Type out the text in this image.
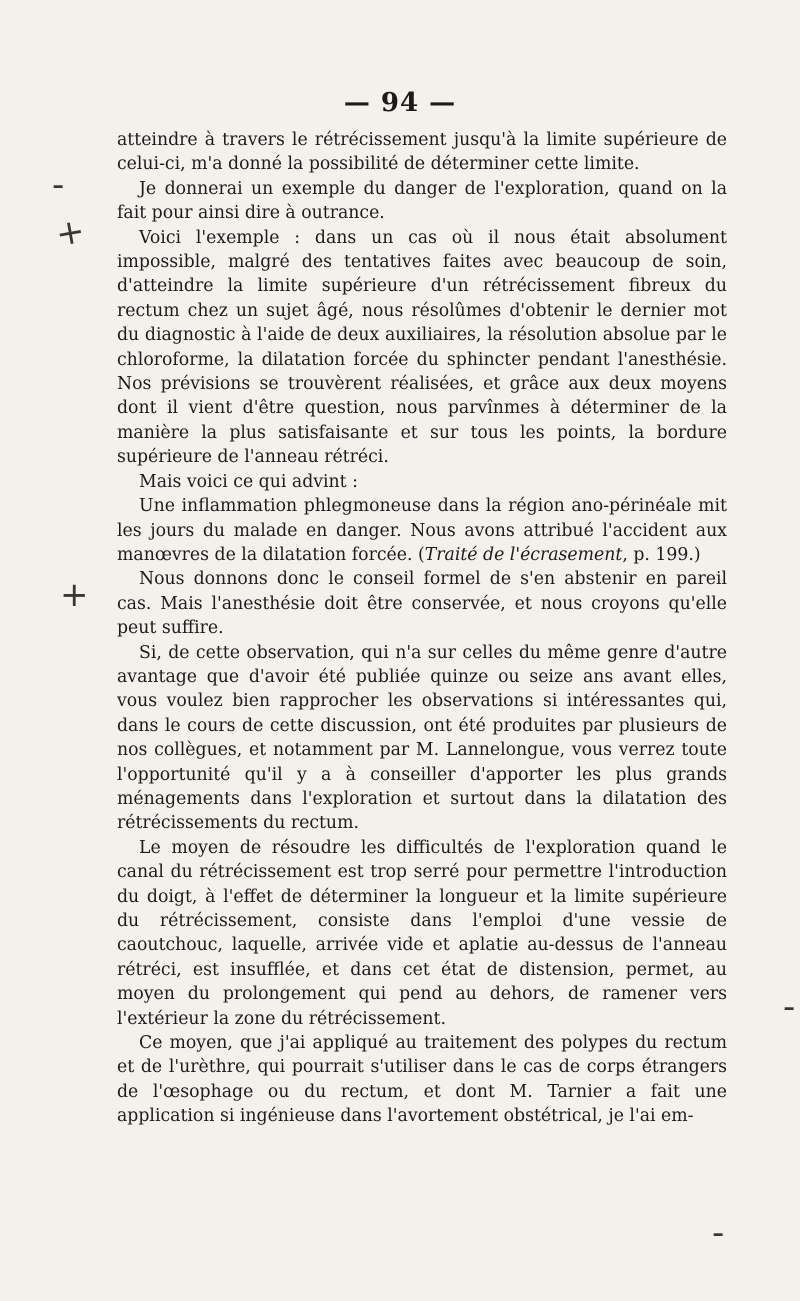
— 94 —

atteindre à travers le rétrécissement jusqu'à la limite supérieure de celui-ci, m'a donné la possibilité de déterminer cette limite.

Je donnerai un exemple du danger de l'exploration, quand on la fait pour ainsi dire à outrance.

Voici l'exemple : dans un cas où il nous était absolument impossible, malgré des tentatives faites avec beaucoup de soin, d'atteindre la limite supérieure d'un rétrécissement fibreux du rectum chez un sujet âgé, nous résolûmes d'obtenir le dernier mot du diagnostic à l'aide de deux auxiliaires, la résolution absolue par le chloroforme, la dilatation forcée du sphincter pendant l'anesthésie. Nos prévisions se trouvèrent réalisées, et grâce aux deux moyens dont il vient d'être question, nous parvînmes à déterminer de la manière la plus satisfaisante et sur tous les points, la bordure supérieure de l'anneau rétréci.

Mais voici ce qui advint :

Une inflammation phlegmoneuse dans la région ano-périnéale mit les jours du malade en danger. Nous avons attribué l'accident aux manœvres de la dilatation forcée. (Traité de l'écrasement, p. 199.)

Nous donnons donc le conseil formel de s'en abstenir en pareil cas. Mais l'anesthésie doit être conservée, et nous croyons qu'elle peut suffire.

Si, de cette observation, qui n'a sur celles du même genre d'autre avantage que d'avoir été publiée quinze ou seize ans avant elles, vous voulez bien rapprocher les observations si intéressantes qui, dans le cours de cette discussion, ont été produites par plusieurs de nos collègues, et notamment par M. Lannelongue, vous verrez toute l'opportunité qu'il y a à conseiller d'apporter les plus grands ménagements dans l'exploration et surtout dans la dilatation des rétrécissements du rectum.

Le moyen de résoudre les difficultés de l'exploration quand le canal du rétrécissement est trop serré pour permettre l'introduction du doigt, à l'effet de déterminer la longueur et la limite supérieure du rétrécissement, consiste dans l'emploi d'une vessie de caoutchouc, laquelle, arrivée vide et aplatie au-dessus de l'anneau rétréci, est insufflée, et dans cet état de distension, permet, au moyen du prolongement qui pend au dehors, de ramener vers l'extérieur la zone du rétrécissement.

Ce moyen, que j'ai appliqué au traitement des polypes du rectum et de l'urèthre, qui pourrait s'utiliser dans le cas de corps étrangers de l'œsophage ou du rectum, et dont M. Tarnier a fait une application si ingénieuse dans l'avortement obstétrical, je l'ai em-

+
+
-
-
-
